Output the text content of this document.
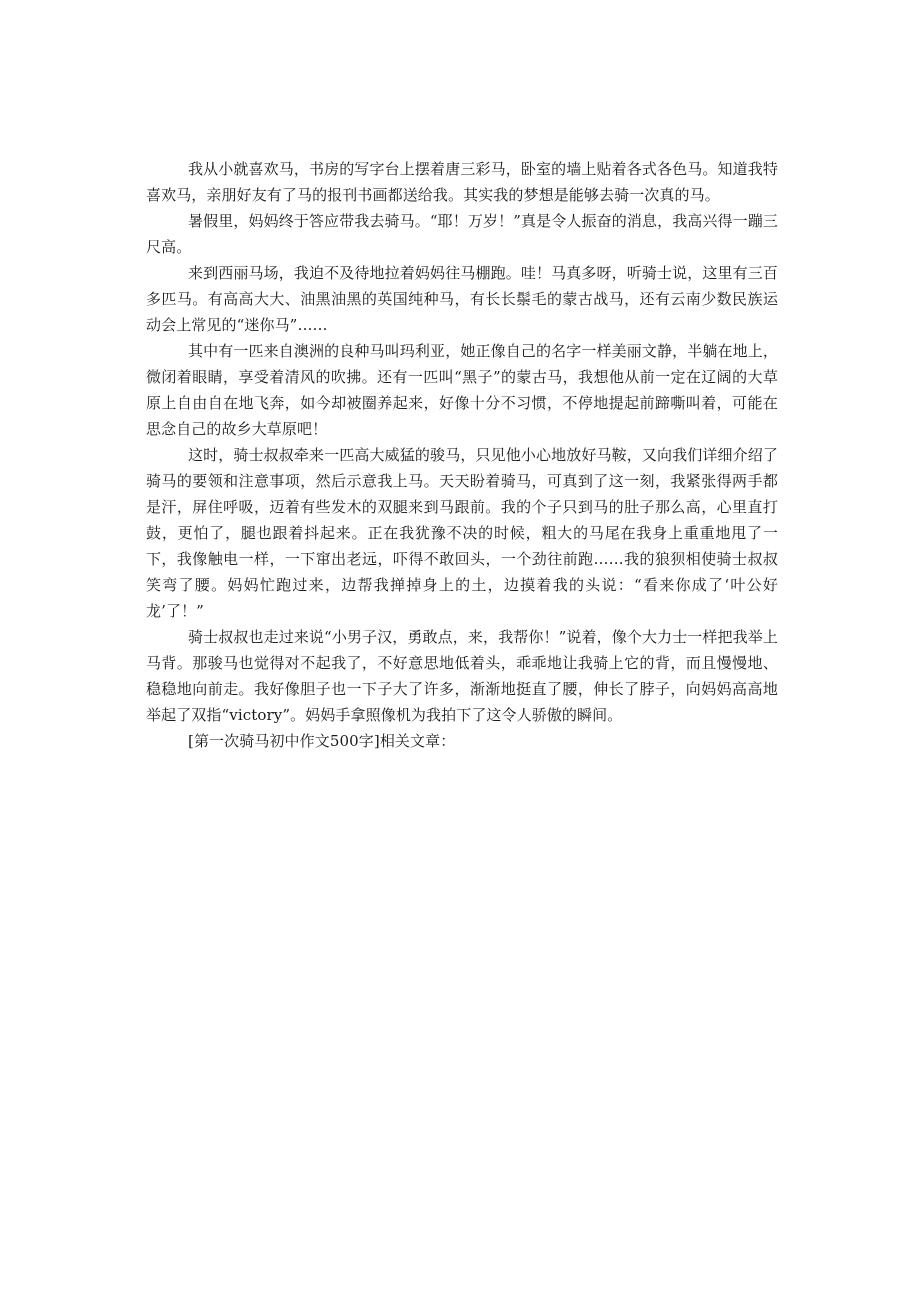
我从小就喜欢马，书房的写字台上摆着唐三彩马，卧室的墙上贴着各式各色马。知道我特喜欢马，亲朋好友有了马的报刊书画都送给我。其实我的梦想是能够去骑一次真的马。

暑假里，妈妈终于答应带我去骑马。“耶！万岁！”真是令人振奋的消息，我高兴得一蹦三尺高。

来到西丽马场，我迫不及待地拉着妈妈往马棚跑。哇！马真多呀，听骑士说，这里有三百多匹马。有高高大大、油黑油黑的英国纯种马，有长长鬃毛的蒙古战马，还有云南少数民族运动会上常见的“迷你马”……

其中有一匹来自澳洲的良种马叫玛利亚，她正像自己的名字一样美丽文静，半躺在地上，微闭着眼睛，享受着清风的吹拂。还有一匹叫“黑子”的蒙古马，我想他从前一定在辽阔的大草原上自由自在地飞奔，如今却被圈养起来，好像十分不习惯，不停地提起前蹄嘶叫着，可能在思念自己的故乡大草原吧！

这时，骑士叔叔牵来一匹高大威猛的骏马，只见他小心地放好马鞍，又向我们详细介绍了骑马的要领和注意事项，然后示意我上马。天天盼着骑马，可真到了这一刻，我紧张得两手都是汗，屏住呼吸，迈着有些发木的双腿来到马跟前。我的个子只到马的肚子那么高，心里直打鼓，更怕了，腿也跟着抖起来。正在我犹豫不决的时候，粗大的马尾在我身上重重地甩了一下，我像触电一样，一下窜出老远，吓得不敢回头，一个劲往前跑……我的狼狈相使骑士叔叔笑弯了腰。妈妈忙跑过来，边帮我掸掉身上的土，边摸着我的头说：“看来你成了‘叶公好龙’了！”

骑士叔叔也走过来说“小男子汉，勇敢点，来，我帮你！”说着，像个大力士一样把我举上马背。那骏马也觉得对不起我了，不好意思地低着头，乖乖地让我骑上它的背，而且慢慢地、稳稳地向前走。我好像胆子也一下子大了许多，渐渐地挺直了腰，伸长了脖子，向妈妈高高地举起了双指“victory”。妈妈手拿照像机为我拍下了这令人骄傲的瞬间。

[第一次骑马初中作文500字]相关文章：
